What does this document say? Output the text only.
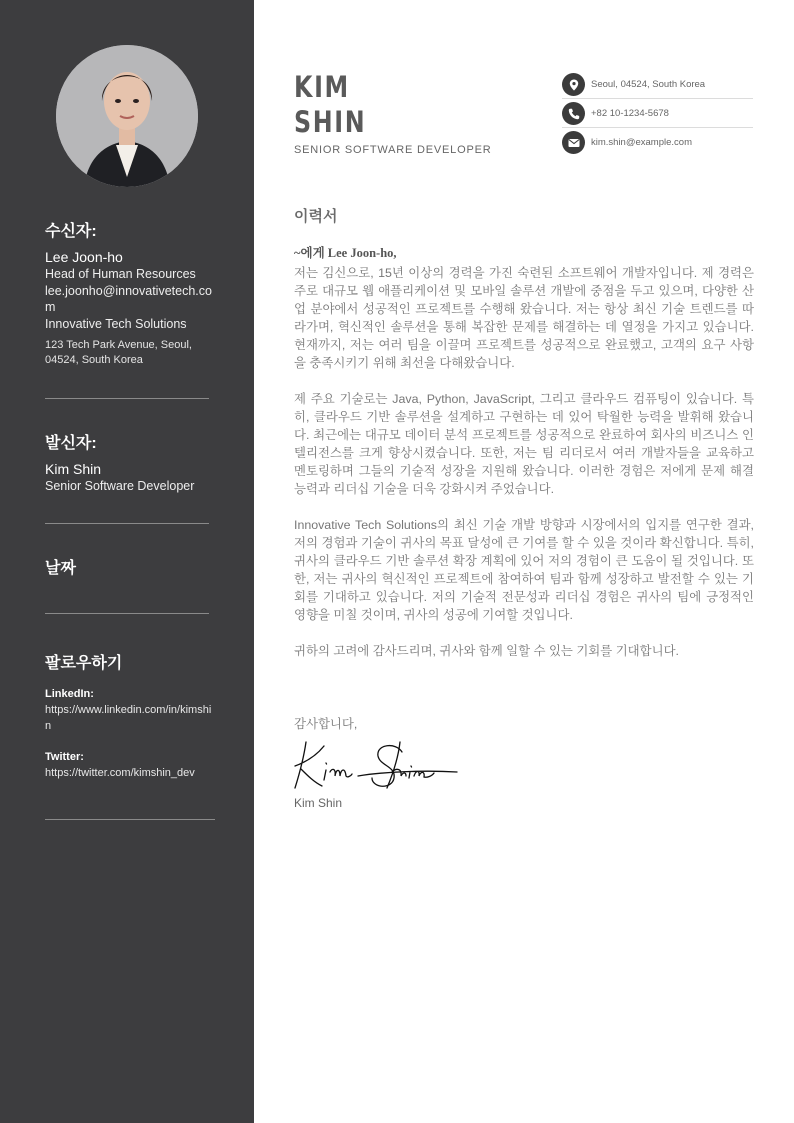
수신자:
Lee Joon-ho
Head of Human Resources
lee.joonho@innovativetech.com
Innovative Tech Solutions
123 Tech Park Avenue, Seoul, 04524, South Korea
발신자:
Kim Shin
Senior Software Developer
날짜
팔로우하기
LinkedIn:
https://www.linkedin.com/in/kimshin
Twitter:
https://twitter.com/kimshin_dev
KIM
SHIN
SENIOR SOFTWARE DEVELOPER
Seoul, 04524, South Korea
+82 10-1234-5678
kim.shin@example.com
이력서
~에게 Lee Joon-ho,
저는 김신으로, 15년 이상의 경력을 가진 숙련된 소프트웨어 개발자입니다. 제 경력은 주로 대규모 웹 애플리케이션 및 모바일 솔루션 개발에 중점을 두고 있으며, 다양한 산업 분야에서 성공적인 프로젝트를 수행해 왔습니다. 저는 항상 최신 기술 트렌드를 따라가며, 혁신적인 솔루션을 통해 복잡한 문제를 해결하는 데 열정을 가지고 있습니다. 현재까지, 저는 여러 팀을 이끌며 프로젝트를 성공적으로 완료했고, 고객의 요구 사항을 충족시키기 위해 최선을 다해왔습니다.
제 주요 기술로는 Java, Python, JavaScript, 그리고 클라우드 컴퓨팅이 있습니다. 특히, 클라우드 기반 솔루션을 설계하고 구현하는 데 있어 탁월한 능력을 발휘해 왔습니다. 최근에는 대규모 데이터 분석 프로젝트를 성공적으로 완료하여 회사의 비즈니스 인텔리전스를 크게 향상시켰습니다. 또한, 저는 팀 리더로서 여러 개발자들을 교육하고 멘토링하며 그들의 기술적 성장을 지원해 왔습니다. 이러한 경험은 저에게 문제 해결 능력과 리더십 기술을 더욱 강화시켜 주었습니다.
Innovative Tech Solutions의 최신 기술 개발 방향과 시장에서의 입지를 연구한 결과, 저의 경험과 기술이 귀사의 목표 달성에 큰 기여를 할 수 있을 것이라 확신합니다. 특히, 귀사의 클라우드 기반 솔루션 확장 계획에 있어 저의 경험이 큰 도움이 될 것입니다. 또한, 저는 귀사의 혁신적인 프로젝트에 참여하여 팀과 함께 성장하고 발전할 수 있는 기회를 기대하고 있습니다. 저의 기술적 전문성과 리더십 경험은 귀사의 팀에 긍정적인 영향을 미칠 것이며, 귀사의 성공에 기여할 것입니다.
귀하의 고려에 감사드리며, 귀사와 함께 일할 수 있는 기회를 기대합니다.
감사합니다,
Kim Shin
